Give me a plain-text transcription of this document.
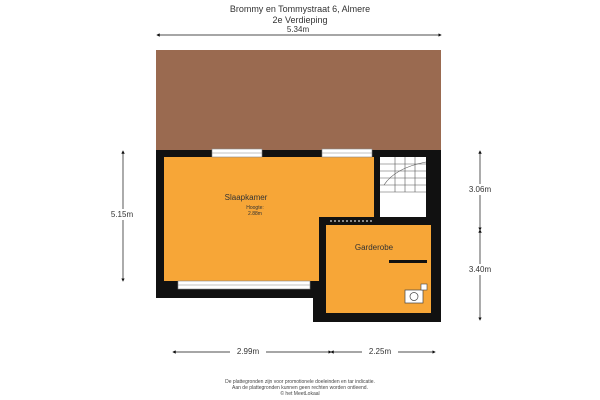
Brommy en Tommystraat 6, Almere
2e Verdieping
Slaapkamer
Hoogte:
2.88m
Garderobe
5.34m
5.15m
3.06m
3.40m
2.99m	2.25m
De plattegronden zijn voor promotionele doeleinden en tar indicatie.
Aan de plattegronden kunnen geen rechten worden ontleend.
© het MeetLokaal
